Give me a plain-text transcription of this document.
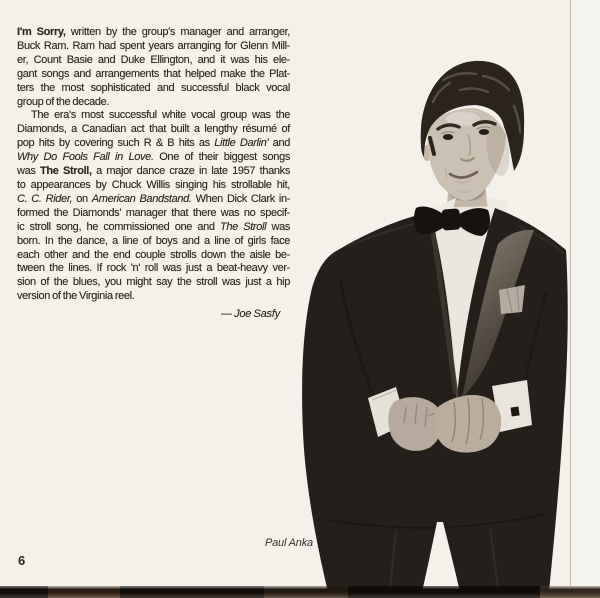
I'm Sorry, written by the group's manager and arranger,
Buck Ram. Ram had spent years arranging for Glenn Mill-
er, Count Basie and Duke Ellington, and it was his ele-
gant songs and arrangements that helped make the Plat-
ters the most sophisticated and successful black vocal
group of the decade.
The era's most successful white vocal group was the
Diamonds, a Canadian act that built a lengthy résumé of
pop hits by covering such R & B hits as Little Darlin' and
Why Do Fools Fall in Love. One of their biggest songs
was The Stroll, a major dance craze in late 1957 thanks
to appearances by Chuck Willis singing his strollable hit,
C. C. Rider, on American Bandstand. When Dick Clark in-
formed the Diamonds' manager that there was no specif-
ic stroll song, he commissioned one and The Stroll was
born. In the dance, a line of boys and a line of girls face
each other and the end couple strolls down the aisle be-
tween the lines. If rock 'n' roll was just a beat-heavy ver-
sion of the blues, you might say the stroll was just a hip
version of the Virginia reel.
— Joe Sasfy
Paul Anka
6
